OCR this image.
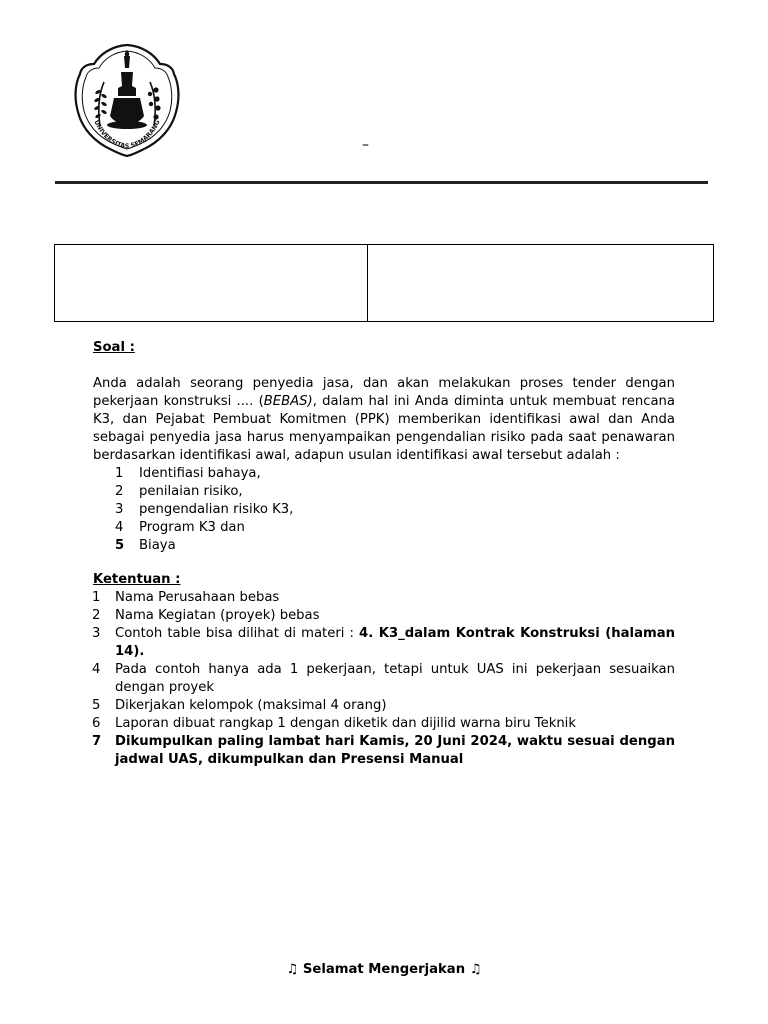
UNIVERSITAS SEMARANG
–
Soal :
Anda adalah seorang penyedia jasa, dan akan melakukan proses tender dengan pekerjaan konstruksi .... (BEBAS), dalam hal ini Anda diminta untuk membuat rencana K3, dan Pejabat Pembuat Komitmen (PPK) memberikan identifikasi awal dan Anda sebagai penyedia jasa harus menyampaikan pengendalian risiko pada saat penawaran berdasarkan identifikasi awal, adapun usulan identifikasi awal tersebut adalah :
1	Identifiasi bahaya,
2	penilaian risiko,
3	pengendalian risiko K3,
4	Program K3 dan
5	Biaya
Ketentuan :
1	Nama Perusahaan bebas
2	Nama Kegiatan (proyek) bebas
3	Contoh table bisa dilihat di materi : 4. K3_dalam Kontrak Konstruksi (halaman 14).
4	Pada contoh hanya ada 1 pekerjaan, tetapi untuk UAS ini pekerjaan sesuaikan dengan proyek
5	Dikerjakan kelompok (maksimal 4 orang)
6	Laporan dibuat rangkap 1 dengan diketik dan dijilid warna biru Teknik
7	Dikumpulkan paling lambat hari Kamis, 20 Juni 2024, waktu sesuai dengan jadwal UAS, dikumpulkan dan Presensi Manual
♫ Selamat Mengerjakan ♫
